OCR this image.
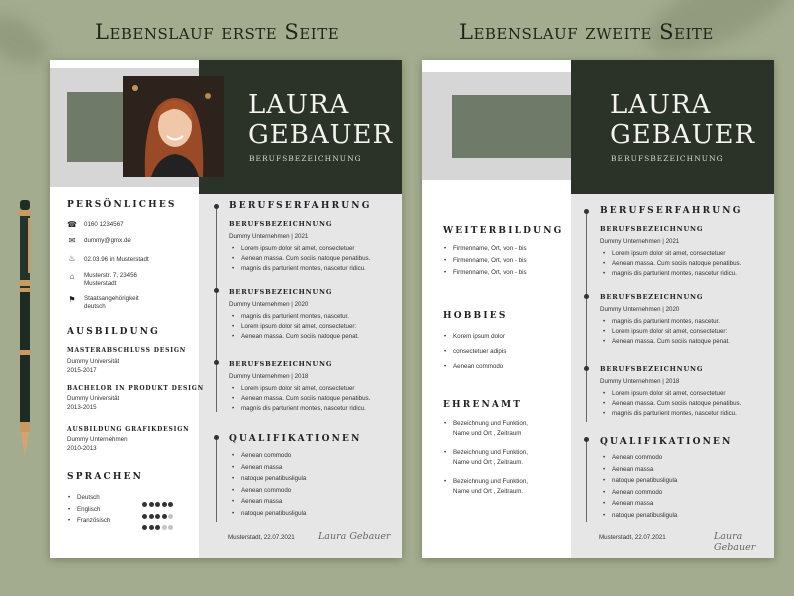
Lebenslauf erste Seite	Lebenslauf zweite Seite
LAURA
GEBAUER
BERUFSBEZEICHNUNG
PERSÖNLICHES
☎ 0160 1234567
✉ dummy@gmx.de
♨ 02.03.96 in Musterstadt
⌂	Musterstr. 7, 23456
Musterstadt
⚑ Staatsangehörigkeit
deutsch
AUSBILDUNG
MASTERABSCHLUSS DESIGN
Dummy Universität
2015-2017
BACHELOR IN PRODUKT DESIGN
Dummy Universität
2013-2015
AUSBILDUNG GRAFIKDESIGN
Dummy Unternehmen
2010-2013
SPRACHEN
• Deutsch
• Englisch
• Französisch
BERUFSERFAHRUNG
BERUFSBEZEICHNUNG
Dummy Unternehmen | 2021
• Lorem ipsum dolor sit amet, consectetuer
• Aenean massa. Cum sociis natoque penatibus.
• magnis dis parturient montes, nascetur ridicu.
BERUFSBEZEICHNUNG
Dummy Unternehmen | 2020
• magnis dis parturient montes, nascetur.
• Lorem ipsum dolor sit amet, consectetuer:
• Aenean massa. Cum sociis natoque penat.
BERUFSBEZEICHNUNG
Dummy Unternehmen | 2018
• Lorem ipsum dolor sit amet, consectetuer
• Aenean massa. Cum sociis natoque penatibus.
• magnis dis parturient montes, nascetur ridicu.
QUALIFIKATIONEN
• Aenean commodo
• Aenean massa
• natoque penatibusligula
• Aenean commodo
• Aenean massa
• natoque penatibusligula
Musterstadt, 22.07.2021 Laura Gebauer
LAURA
GEBAUER
BERUFSBEZEICHNUNG
WEITERBILDUNG
• Firmenname, Ort, von - bis
• Firmenname, Ort, von - bis
• Firmenname, Ort, von - bis
HOBBIES
• Korem ipsum dolor
• consectetuer adipis
• Aenean commodo
EHRENAMT
• Bezeichnung und Funktion,
Name und Ort , Zeitraum
• Bezeichnung und Funktion,
Name und Ort , Zeitraum.
• Bezeichnung und Funktion,
Name und Ort , Zeitraum.
BERUFSERFAHRUNG
BERUFSBEZEICHNUNG
Dummy Unternehmen | 2021
• Lorem ipsum dolor sit amet, consectetuer
• Aenean massa. Cum sociis natoque penatibus.
• magnis dis parturient montes, nascetur ridicu.
BERUFSBEZEICHNUNG
Dummy Unternehmen | 2020
• magnis dis parturient montes, nascetur.
• Lorem ipsum dolor sit amet, consectetuer:
• Aenean massa. Cum sociis natoque penat.
BERUFSBEZEICHNUNG
Dummy Unternehmen | 2018
• Lorem ipsum dolor sit amet, consectetuer
• Aenean massa. Cum sociis natoque penatibus.
• magnis dis parturient montes, nascetur ridicu.
QUALIFIKATIONEN
• Aenean commodo
• Aenean massa
• natoque penatibusligula
• Aenean commodo
• Aenean massa
• natoque penatibusligula
Musterstadt, 22.07.2021	Laura Gebauer
